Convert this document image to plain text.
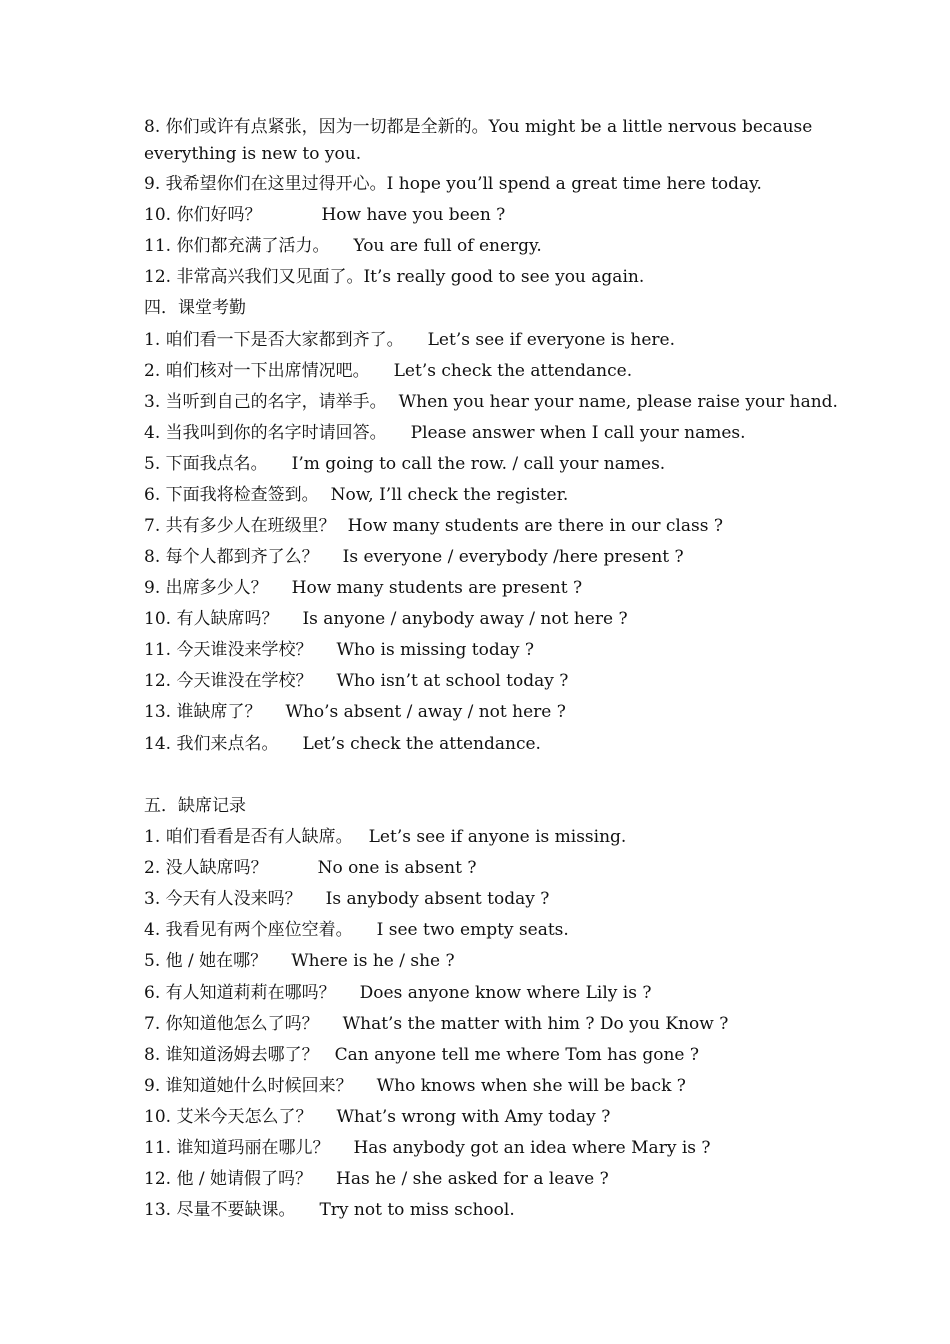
8. 你们或许有点紧张，因为一切都是全新的。You might be a little nervous because everything is new to you.
9. 我希望你们在这里过得开心。I hope you’ll spend a great time here today.
10. 你们好吗？	How have you been ?
11. 你们都充满了活力。 You are full of energy.
12. 非常高兴我们又见面了。It’s really good to see you again.
四．课堂考勤
1. 咱们看一下是否大家都到齐了。 Let’s see if everyone is here.
2. 咱们核对一下出席情况吧。 Let’s check the attendance.
3. 当听到自己的名字，请举手。 When you hear your name, please raise your hand.
4. 当我叫到你的名字时请回答。 Please answer when I call your names.
5. 下面我点名。 I’m going to call the row. / call your names.
6. 下面我将检查签到。 Now, I’ll check the register.
7. 共有多少人在班级里？ How many students are there in our class ?
8. 每个人都到齐了么？ Is everyone / everybody /here present ?
9. 出席多少人？ How many students are present ?
10. 有人缺席吗？ Is anyone / anybody away / not here ?
11. 今天谁没来学校？ Who is missing today ?
12. 今天谁没在学校？ Who isn’t at school today ?
13. 谁缺席了？ Who’s absent / away / not here ?
14. 我们来点名。 Let’s check the attendance.
五．缺席记录
1. 咱们看看是否有人缺席。 Let’s see if anyone is missing.
2. 没人缺席吗？	No one is absent ?
3. 今天有人没来吗？ Is anybody absent today ?
4. 我看见有两个座位空着。 I see two empty seats.
5. 他 / 她在哪？ Where is he / she ?
6. 有人知道莉莉在哪吗？ Does anyone know where Lily is ?
7. 你知道他怎么了吗？ What’s the matter with him ? Do you Know ?
8. 谁知道汤姆去哪了？ Can anyone tell me where Tom has gone ?
9. 谁知道她什么时候回来？ Who knows when she will be back ?
10. 艾米今天怎么了？ What’s wrong with Amy today ?
11. 谁知道玛丽在哪儿？ Has anybody got an idea where Mary is ?
12. 他 / 她请假了吗？ Has he / she asked for a leave ?
13. 尽量不要缺课。 Try not to miss school.
